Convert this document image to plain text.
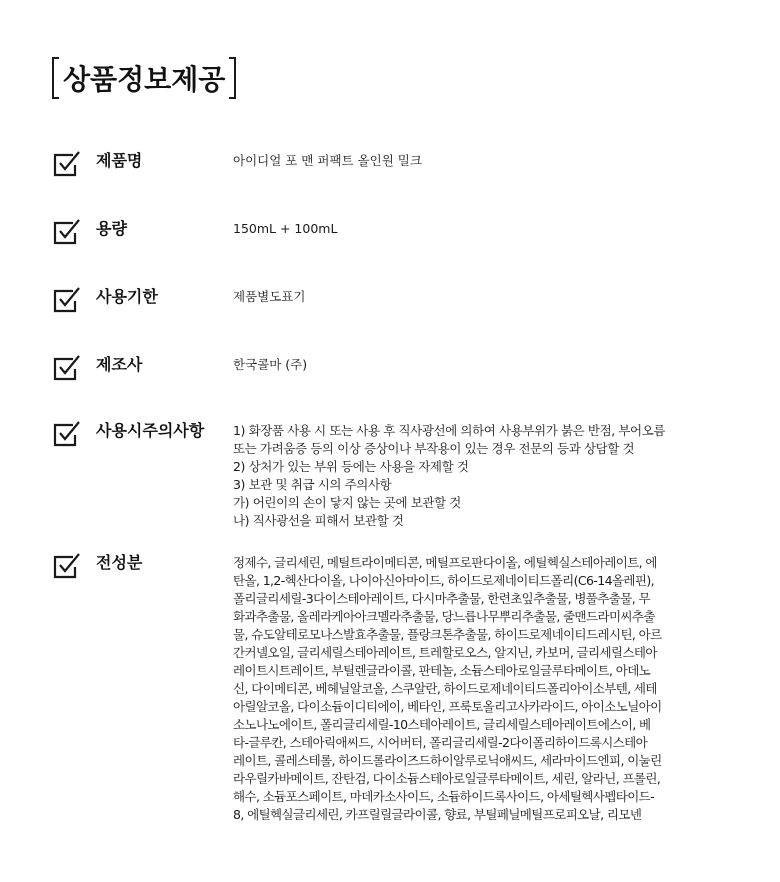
상품정보제공
제품명	아이디얼 포 맨 퍼팩트 올인원 밀크
용량	150mL + 100mL
사용기한	제품별도표기
제조사	한국콜마 (주)
사용시주의사항 1) 화장품 사용 시 또는 사용 후 직사광선에 의하여 사용부위가 붉은 반점, 부어오름
또는 가려움증 등의 이상 증상이나 부작용이 있는 경우 전문의 등과 상담할 것
2) 상처가 있는 부위 등에는 사용을 자제할 것
3) 보관 및 취급 시의 주의사항
가) 어린이의 손이 닿지 않는 곳에 보관할 것
나) 직사광선을 피해서 보관할 것
전성분	정제수, 글리세린, 메틸트라이메티콘, 메틸프로판다이올, 에틸헥실스테아레이트, 에
탄올, 1,2-헥산다이올, 나이아신아마이드, 하이드로제네이티드폴리(C6-14올레핀),
폴리글리세릴-3다이스테아레이트, 다시마추출물, 한련초잎추출물, 병풀추출물, 무
화과추출물, 올레라케아아크멜라추출물, 당느릅나무뿌리추출물, 줄맨드라미씨추출
물, 슈도알테로모나스발효추출물, 플랑크톤추출물, 하이드로제네이티드레시틴, 아르
간커넬오일, 글리세릴스테아레이트, 트레할로오스, 알지닌, 카보머, 글리세릴스테아
레이트시트레이트, 부틸렌글라이콜, 판테놀, 소듐스테아로일글루타메이트, 아데노
신, 다이메티콘, 베헤닐알코올, 스쿠알란, 하이드로제네이티드폴리아이소부텐, 세테
아릴알코올, 다이소듐이디티에이, 베타인, 프룩토올리고사카라이드, 아이소노닐아이
소노나노에이트, 폴리글리세릴-10스테아레이트, 글리세릴스테아레이트에스이, 베
타-글루칸, 스테아릭애씨드, 시어버터, 폴리글리세릴-2다이폴리하이드록시스테아
레이트, 콜레스테롤, 하이드롤라이즈드하이알루로닉애씨드, 세라마이드엔피, 이눌린
라우릴카바메이트, 잔탄검, 다이소듐스테아로일글루타메이트, 세린, 알라닌, 프롤린,
해수, 소듐포스페이트, 마데카소사이드, 소듐하이드록사이드, 아세틸헥사펩타이드-
8, 에틸헥실글리세린, 카프릴릴글라이콜, 향료, 부틸페닐메틸프로피오날, 리모넨
